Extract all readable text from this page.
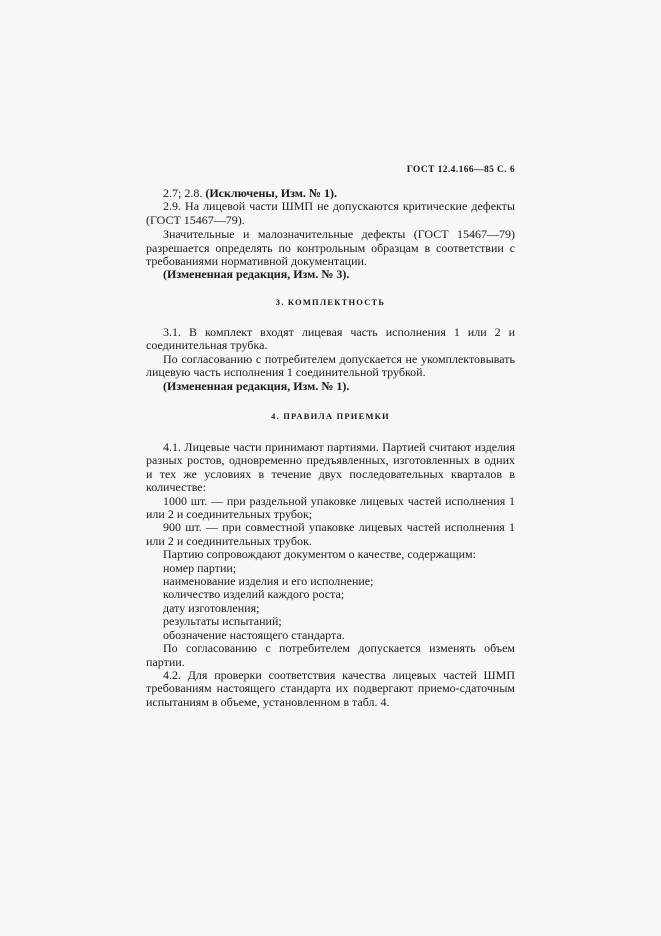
ГОСТ 12.4.166—85 С. 6

2.7; 2.8. (Исключены, Изм. № 1).

2.9. На лицевой части ШМП не допускаются критические дефекты (ГОСТ 15467—79).

Значительные и малозначительные дефекты (ГОСТ 15467—79) разрешается определять по контрольным образцам в соответствии с требованиями нормативной документации.

(Измененная редакция, Изм. № 3).

3. КОМПЛЕКТНОСТЬ

3.1. В комплект входят лицевая часть исполнения 1 или 2 и соединительная трубка.

По согласованию с потребителем допускается не укомплектовывать лицевую часть исполнения 1 соединительной трубкой.

(Измененная редакция, Изм. № 1).

4. ПРАВИЛА ПРИЕМКИ

4.1. Лицевые части принимают партиями. Партией считают изделия разных ростов, одновременно предъявленных, изготовленных в одних и тех же условиях в течение двух последовательных кварталов в количестве:

1000 шт. — при раздельной упаковке лицевых частей исполнения 1 или 2 и соединительных трубок;

900 шт. — при совместной упаковке лицевых частей исполнения 1 или 2 и соединительных трубок.

Партию сопровождают документом о качестве, содержащим:

номер партии;

наименование изделия и его исполнение;

количество изделий каждого роста;

дату изготовления;

результаты испытаний;

обозначение настоящего стандарта.

По согласованию с потребителем допускается изменять объем партии.

4.2. Для проверки соответствия качества лицевых частей ШМП требованиям настоящего стандарта их подвергают приемо-сдаточным испытаниям в объеме, установленном в табл. 4.
